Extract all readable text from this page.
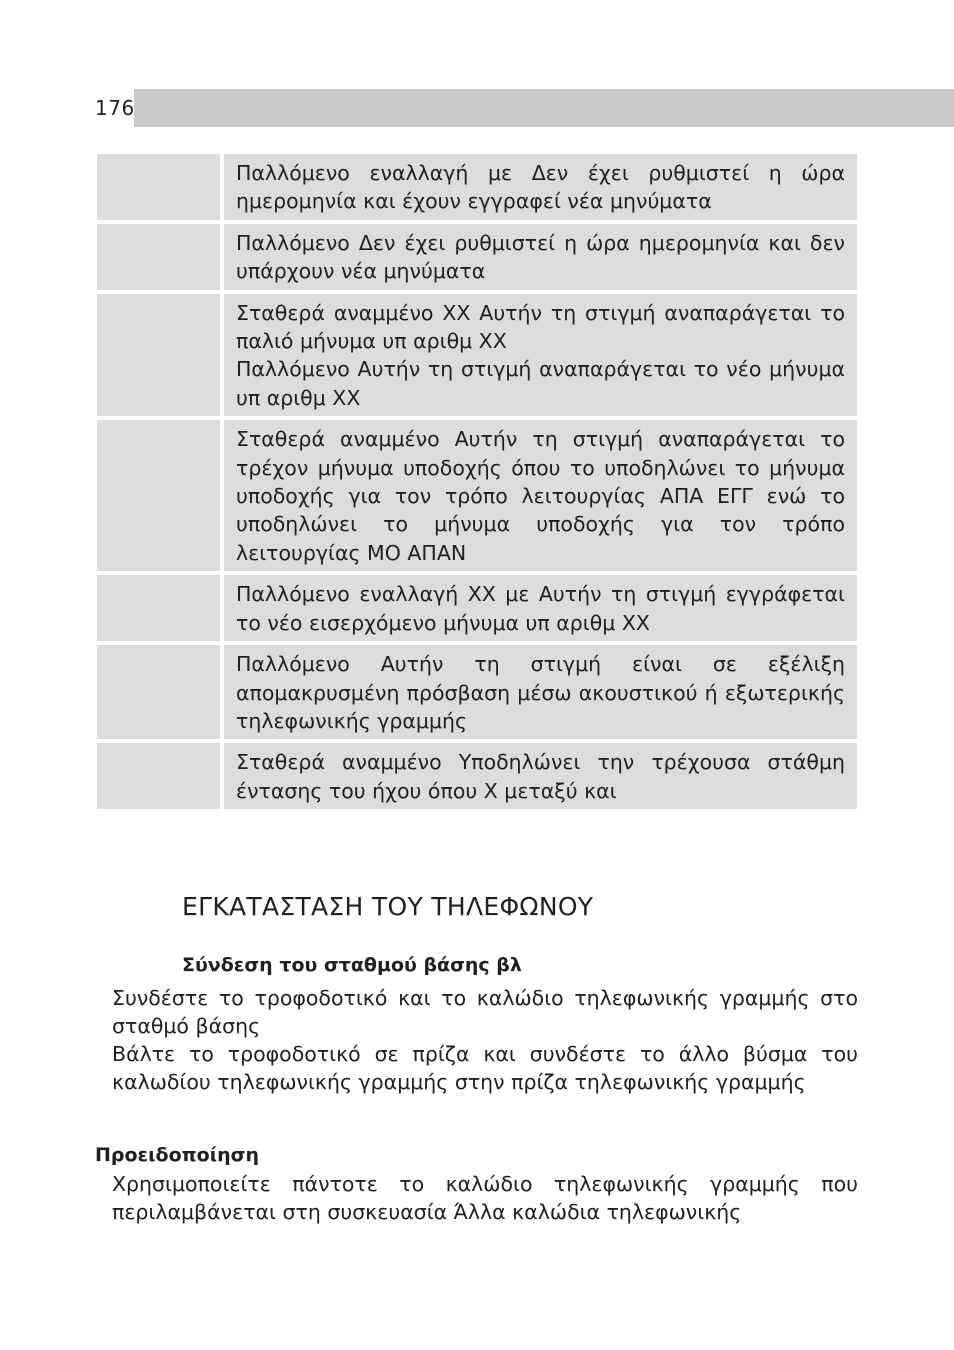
176
Παλλόμενο εναλλαγή με Δεν έχει ρυθμιστεί η ώρα ημερομηνία και έχουν εγγραφεί νέα μηνύματα
Παλλόμενο Δεν έχει ρυθμιστεί η ώρα ημερομηνία και δεν υπάρχουν νέα μηνύματα
Σταθερά αναμμένο XX Αυτήν τη στιγμή αναπαράγεται το παλιό μήνυμα υπ αριθμ XX
Παλλόμενο Αυτήν τη στιγμή αναπαράγεται το νέο μήνυμα υπ αριθμ XX
Σταθερά αναμμένο Αυτήν τη στιγμή αναπαράγεται το τρέχον μήνυμα υποδοχής όπου το υποδηλώνει το μήνυμα υποδοχής για τον τρόπο λειτουργίας ΑΠΑ ΕΓΓ ενώ το υποδηλώνει το μήνυμα υποδοχής για τον τρόπο λειτουργίας ΜΟ ΑΠΑΝ
Παλλόμενο εναλλαγή XX με Αυτήν τη στιγμή εγγράφεται το νέο εισερχόμενο μήνυμα υπ αριθμ XX
Παλλόμενο Αυτήν τη στιγμή είναι σε εξέλιξη απομακρυσμένη πρόσβαση μέσω ακουστικού ή εξωτερικής τηλεφωνικής γραμμής
Σταθερά αναμμένο Υποδηλώνει την τρέχουσα στάθμη έντασης του ήχου όπου X μεταξύ και
ΕΓΚΑΤΑΣΤΑΣΗ ΤΟΥ ΤΗΛΕΦΩΝΟΥ
Σύνδεση του σταθμού βάσης βλ
Συνδέστε το τροφοδοτικό και το καλώδιο τηλεφωνικής γραμμής στο σταθμό βάσης
Βάλτε το τροφοδοτικό σε πρίζα και συνδέστε το άλλο βύσμα του καλωδίου τηλεφωνικής γραμμής στην πρίζα τηλεφωνικής γραμμής
Προειδοποίηση
Χρησιμοποιείτε πάντοτε το καλώδιο τηλεφωνικής γραμμής που περιλαμβάνεται στη συσκευασία Άλλα καλώδια τηλεφωνικής
